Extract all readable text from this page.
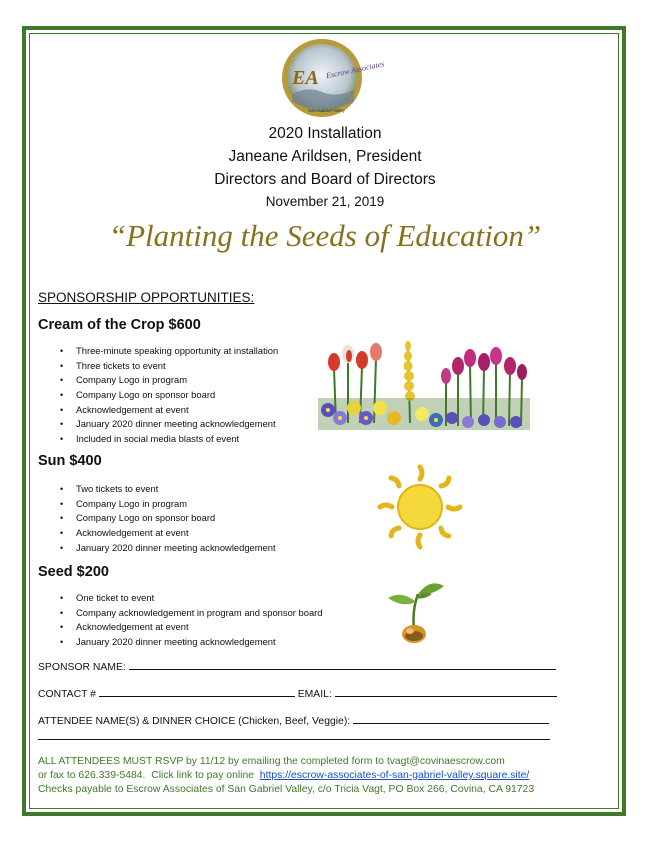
EA Escrow Associates
San Gabriel Valley
2020 Installation
Janeane Arildsen, President
Directors and Board of Directors
November 21, 2019
“Planting the Seeds of Education”
SPONSORSHIP OPPORTUNITIES:
Cream of the Crop $600
• Three-minute speaking opportunity at installation
• Three tickets to event
• Company Logo in program
• Company Logo on sponsor board
• Acknowledgement at event
• January 2020 dinner meeting acknowledgement
• Included in social media blasts of event
Sun $400
• Two tickets to event
• Company Logo in program
• Company Logo on sponsor board
• Acknowledgement at event
• January 2020 dinner meeting acknowledgement
Seed $200
• One ticket to event
• Company acknowledgement in program and sponsor board
• Acknowledgement at event
• January 2020 dinner meeting acknowledgement
SPONSOR NAME:
CONTACT #	EMAIL:
ATTENDEE NAME(S) & DINNER CHOICE (Chicken, Beef, Veggie):
ALL ATTENDEES MUST RSVP by 11/12 by emailing the completed form to tvagt@covinaescrow.com
or fax to 626.339-5484.  Click link to pay online  https://escrow-associates-of-san-gabriel-valley.square.site/
Checks payable to Escrow Associates of San Gabriel Valley, c/o Tricia Vagt, PO Box 266, Covina, CA 91723
